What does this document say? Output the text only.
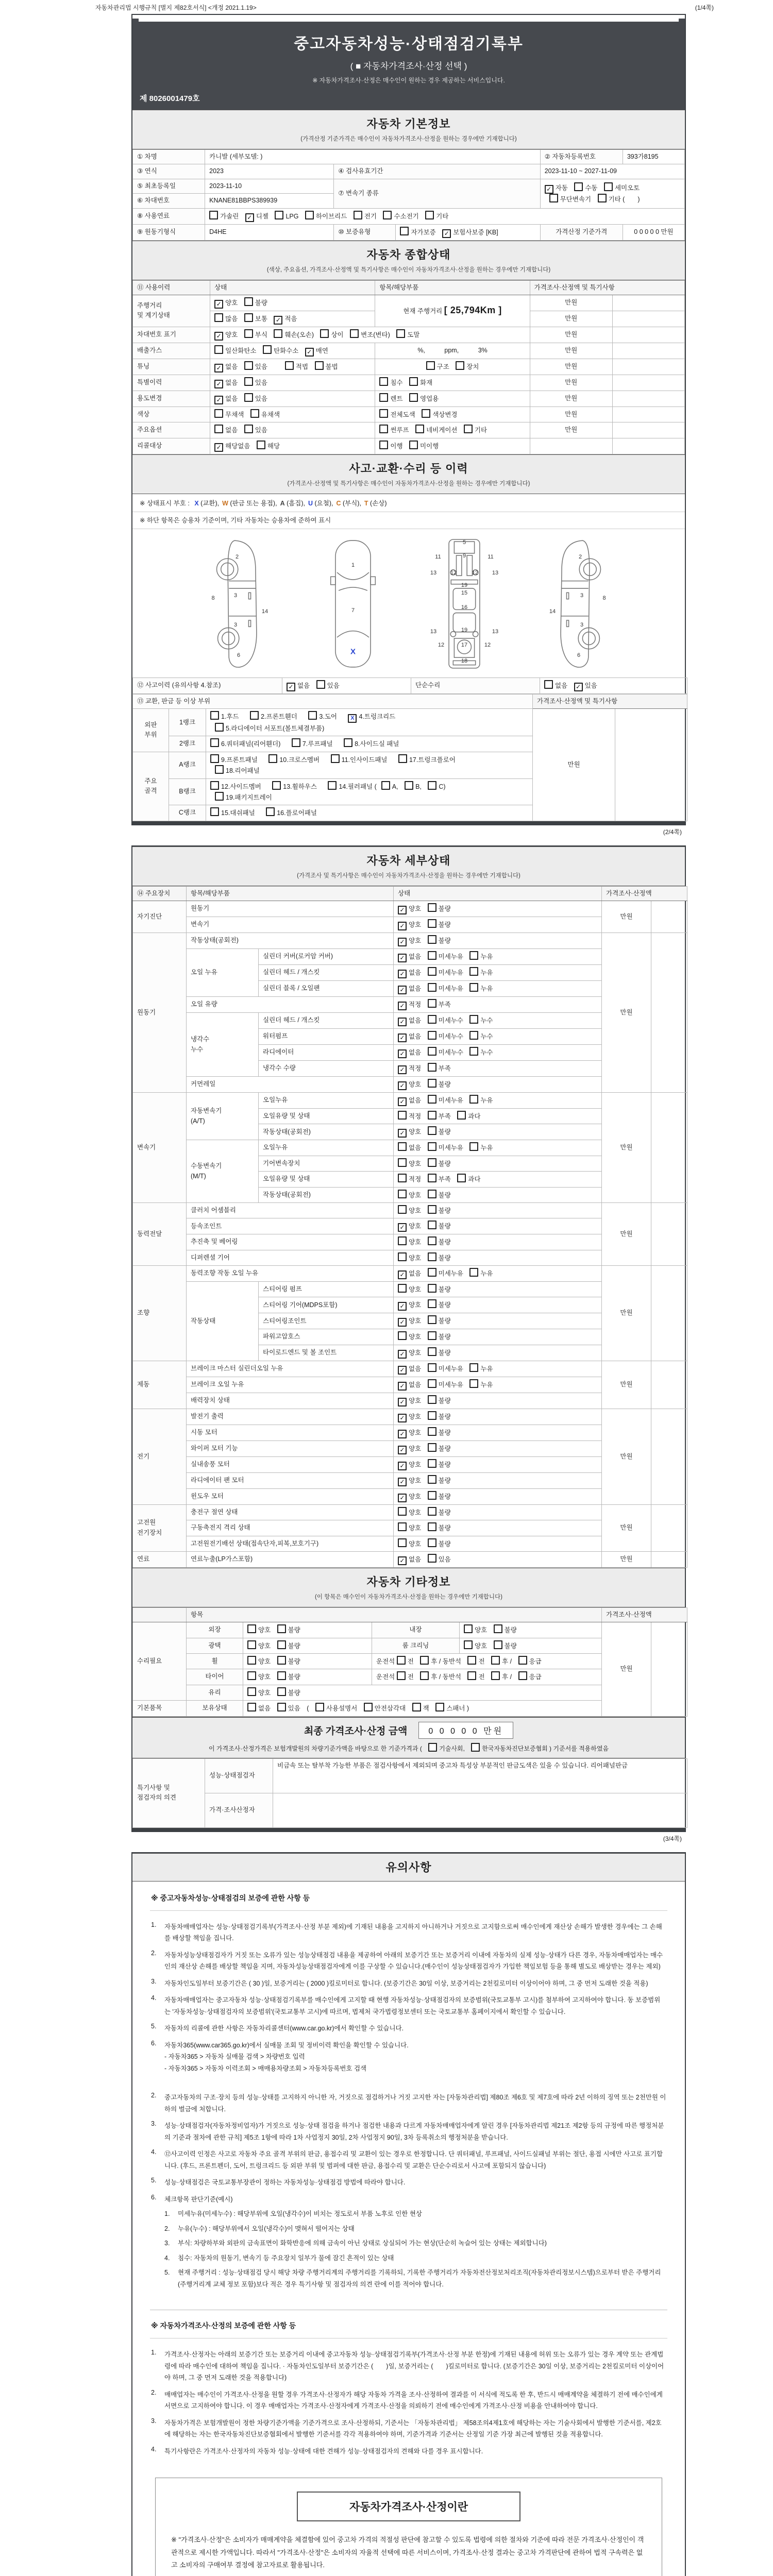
자동차관리법 시행규칙 [별지 제82호서식] <개정 2021.1.19>	(1/4쪽)
중고자동차성능·상태점검기록부
( ■ 자동차가격조사·산정 선택 )
※ 자동차가격조사·산정은 매수인이 원하는 경우 제공하는 서비스입니다.
제 8026001479호
자동차 기본정보
(가격산정 기준가격은 매수인이 자동차가격조사·산정을 원하는 경우에만 기재합니다)
① 차명	카니발 (세부모델: )			② 자동차등록번호	393가8195
③ 연식	2023	④ 검사유효기간		2023-11-10 ~ 2027-11-09	
⑤ 최초등록일	2023-11-10	⑦ 변속기 종류		✓ 자동 수동 세미오토
무단변속기 기타 (　　)	
⑥ 차대번호	KNANE81BBPS389939				
⑧ 사용연료	가솔린 ✓ 디젤 LPG 하이브리드 전기 수소전기 기타				
⑨ 원동기형식	D4HE	⑩ 보증유형	자가보증 ✓ 보험사보증 [KB]	가격산정 기준가격	0 0 0 0 0 만원
자동차 종합상태
(색상, 주요옵션, 가격조사·산정액 및 특기사항은 매수인이 자동차가격조사·산정을 원하는 경우에만 기재합니다)
⑪ 사용이력	상태	항목/해당부품	가격조사·산정액 및 특기사항	
주행거리
및 계기상태	✓ 양호 불량	현재 주행거리 [ 25,794Km ]	만원	
	많음 보통 ✓ 적음		만원	
차대번호 표기	✓ 양호 부식 훼손(오손) 상이 변조(변타) 도말		만원	
배출가스	일산화탄소 탄화수소 ✓ 매연	%,　　　ppm,　　　3%	만원	
튜닝	✓ 없음 있음　　적법 불법	구조 장치	만원	
특별이력	✓ 없음 있음	침수 화재	만원	
용도변경	✓ 없음 있음	렌트 영업용	만원	
색상	무채색 유채색	전체도색 색상변경	만원	
주요옵션	없음 있음	썬루프 네비게이션 기타	만원	
리콜대상	✓ 해당없음 해당	이행 미이행		
사고·교환·수리 등 이력
(가격조사·산정액 및 특기사항은 매수인이 자동차가격조사·산정을 원하는 경우에만 기재합니다)
※ 상태표시 부호 : X (교환), W (판금 또는 용접), A (흠집), U (요철), C (부식), T (손상)
※ 하단 항목은 승용차 기준이며, 기타 자동차는 승용차에 준하여 표시
2
8	3
14
3
6
1
7
X
5
11	9	11
13 12	12 13
19
15
16
13	19	13
12	17	12
18
2
3	8
14
3
6
⑫ 사고이력 (유의사항 4.참조)	✓ 없음 있음	단순수리	없음 ✓ 있음
⑬ 교환, 판금 등 이상 부위			가격조사·산정액 및 특기사항	
외판
부위	1랭크	1.후드　2.프론트휀더　3.도어　X 4.트렁크리드
5.라디에이터 서포트(볼트체결부품)	만원	
	2랭크	6.쿼터패널(리어휀더)　7.루프패널　8.사이드실 패널		
주요
골격	A랭크	9.프론트패널　10.크로스멤버　11.인사이드패널　17.트렁크플로어
18.리어패널		
	B랭크	12.사이드멤버　13.휠하우스　14.필러패널 ( A, B, C)
19.패키지트레이		
	C랭크	15.대쉬패널　16.플로어패널		
(2/4쪽)
자동차 세부상태
(가격조사 및 특기사항은 매수인이 자동차가격조사·산정을 원하는 경우에만 기재합니다)
⑭ 주요장치	항목/해당부품		상태	가격조사·산정액	
자기진단	원동기		✓ 양호 불량	만원	
	변속기		✓ 양호 불량		
원동기	작동상태(공회전)		✓ 양호 불량	만원	
	오일 누유	실린더 커버(로커암 커버)	✓ 없음 미세누유 누유		
		실린더 헤드 / 개스킷	✓ 없음 미세누유 누유		
		실린더 블록 / 오일팬	✓ 없음 미세누유 누유		
	오일 유량		✓ 적정 부족		
	냉각수
누수	실린더 헤드 / 개스킷	✓ 없음 미세누수 누수		
		워터펌프	✓ 없음 미세누수 누수		
		라디에이터	✓ 없음 미세누수 누수		
		냉각수 수량	✓ 적정 부족		
	커먼레일		✓ 양호 불량		
변속기	자동변속기
(A/T)	오일누유	✓ 없음 미세누유 누유	만원	
		오일유량 및 상태	적정 부족 과다		
		작동상태(공회전)	✓ 양호 불량		
	수동변속기
(M/T)	오일누유	없음 미세누유 누유		
		기어변속장치	양호 불량		
		오일유량 및 상태	적정 부족 과다		
		작동상태(공회전)	양호 불량		
동력전달	클러치 어셈블리		양호 불량	만원	
	등속조인트		✓ 양호 불량		
	추진축 및 베어링		양호 불량		
	디퍼렌셜 기어		양호 불량		
조향	동력조향 작동 오일 누유		✓ 없음 미세누유 누유	만원	
	작동상태	스티어링 펌프	양호 불량		
		스티어링 기어(MDPS포함)	✓ 양호 불량		
		스티어링조인트	✓ 양호 불량		
		파워고압호스	양호 불량		
		타이로드엔드 및 볼 조인트	✓ 양호 불량		
제동	브레이크 마스터 실린더오일 누유		✓ 없음 미세누유 누유	만원	
	브레이크 오일 누유		✓ 없음 미세누유 누유		
	배력장치 상태		✓ 양호 불량		
전기	발전기 출력		✓ 양호 불량	만원	
	시동 모터		✓ 양호 불량		
	와이퍼 모터 기능		✓ 양호 불량		
	실내송풍 모터		✓ 양호 불량		
	라디에이터 팬 모터		✓ 양호 불량		
	윈도우 모터		✓ 양호 불량		
고전원
전기장치	충전구 절연 상태		양호 불량	만원	
	구동축전지 격리 상태		양호 불량		
	고전원전기배선 상태(접속단자,피복,보호기구)		양호 불량		
연료	연료누출(LP가스포함)		✓ 없음 있음	만원	
자동차 기타정보
(이 항목은 매수인이 자동차가격조사·산정을 원하는 경우에만 기재합니다)
	항목				가격조사·산정액	
수리필요	외장	양호 불량	내장	양호 불량	만원	
	광택	양호 불량	룸 크리닝	양호 불량		
	휠	양호 불량	운전석 전 후 / 동반석 전 후 / 응급			
	타이어	양호 불량	운전석 전 후 / 동반석 전 후 / 응급			
	유리	양호 불량				
기본품목	보유상태	없음 있음　( 사용설명서 안전삼각대 잭 스패너 )				
최종 가격조사·산정 금액	0 0 0 0 0 만원
이 가격조사·산정가격은 보험개발원의 차량기준가액을 바탕으로 한 기준가격과 (	기술사회,	한국자동차진단보증협회 ) 기준서를 적용하였음
특기사항 및
점검자의 의견	성능·상태점검자	비금속 또는 탈부착 가능한 부품은 점검사항에서 제외되며 중고차 특성상 부분적인 판금도색은 있을 수 있습니다. 리어패널판금
	가격·조사산정자	
(3/4쪽)
유의사항
※ 중고자동차성능·상태점검의 보증에 관한 사항 등
1.	자동차매매업자는 성능·상태점검기록부(가격조사·산정 부분 제외)에 기재된 내용을 고지하지 아니하거나 거짓으로 고지함으로써 매수인에게 재산상 손해가 발생한 경우에는 그 손해를 배상할 책임을 집니다.
2.	자동차성능상태점검자가 거짓 또는 오류가 있는 성능상태점검 내용을 제공하여 아래의 보증기간 또는 보증거리 이내에 자동차의 실제 성능·상태가 다른 경우, 자동차매매업자는 매수인의 재산상 손해를 배상할 책임을 지며, 자동차성능상태점검자에게 이를 구상할 수 있습니다.(매수인이 성능상태점검자가 가입한 책임보험 등을 통해 별도로 배상받는 경우는 제외)
3.	자동차인도일부터 보증기간은 ( 30 )일, 보증거리는 ( 2000 )킬로미터로 합니다. (보증기간은 30일 이상, 보증거리는 2천킬로미터 이상이어야 하며, 그 중 먼저 도래한 것을 적용)
4.	자동차매매업자는 중고자동차 성능·상태점검기록부를 매수인에게 고지할 때 현행 자동차성능·상태점검자의 보증범위(국토교통부 고시)를 첨부하여 고지하여야 합니다. 동 보증범위는 '자동차성능·상태점검자의 보증범위'(국토교통부 고시)에 따르며, 법제처 국가법령정보센터 또는 국토교통부 홈페이지에서 확인할 수 있습니다.
5.	자동차의 리콜에 관한 사항은 자동차리콜센터(www.car.go.kr)에서 확인할 수 있습니다.
6.	자동차365(www.car365.go.kr)에서 실매물 조회 및 정비이력 확인을 확인할 수 있습니다.
- 자동차365 > 자동차 실매물 검색 > 차량번호 입력
- 자동차365 > 자동차 이력조회 > 매매용차량조회 > 자동차등록번호 검색
2.	중고자동차의 구조·장치 등의 성능·상태를 고지하지 아니한 자, 거짓으로 점검하거나 거짓 고지한 자는 [자동차관리법] 제80조 제6호 및 제7호에 따라 2년 이하의 징역 또는 2천만원 이하의 벌금에 처합니다.
3.	성능·상태점검자(자동차정비업자)가 거짓으로 성능·상태 점검을 하거나 점검한 내용과 다르게 자동차매매업자에게 알린 경우 [자동차관리법 제21조 제2항 등의 규정에 따른 행정처분의 기준과 절차에 관한 규칙] 제5조 1항에 따라 1차 사업정지 30일, 2차 사업정지 90일, 3차 등록취소의 행정처분을 받습니다.
4.	⑫사고이력 인정은 사고로 자동차 주요 골격 부위의 판금, 용접수리 및 교환이 있는 경우로 한정합니다. 단 쿼터패널, 루프패널, 사이드실패널 부위는 절단, 용접 시에만 사고로 표기합니다. (후드, 프론트펜더, 도어, 트렁크리드 등 외판 부위 및 범퍼에 대한 판금, 용접수리 및 교환은 단순수리로서 사고에 포함되지 않습니다)
5.	성능·상태점검은 국토교통부장관이 정하는 자동차성능·상태점검 방법에 따라야 합니다.
6.	체크항목 판단기준(예시)
1.	미세누유(미세누수) : 해당부위에 오일(냉각수)이 비치는 정도로서 부품 노후로 인한 현상
2.	누유(누수) : 해당부위에서 오일(냉각수)이 맺혀서 떨어지는 상태
3.	부식: 차량하부와 외판의 금속표면이 화학반응에 의해 금속이 아닌 상태로 상실되어 가는 현상(단순히 녹슬어 있는 상태는 제외합니다)
4.	침수: 자동차의 원동기, 변속기 등 주요장치 일부가 물에 잠긴 흔적이 있는 상태
5.	현재 주행거리 : 성능·상태점검 당시 해당 차량 주행거리계의 주행거리를 기록하되, 기록한 주행거리가 자동차전산정보처리조직(자동차관리정보시스템)으로부터 받은 주행거리(주행거리계 교체 정보 포함)보다 적은 경우 특기사항 및 점검자의 의견 란에 이를 적어야 합니다.
※ 자동차가격조사·산정의 보증에 관한 사항 등
1.	가격조사·산정자는 아래의 보증기간 또는 보증거리 이내에 중고자동차 성능·상태점검기록부(가격조사·산정 부분 한정)에 기재된 내용에 허위 또는 오류가 있는 경우 계약 또는 관계법령에 따라 매수인에 대하여 책임을 집니다. · 자동차인도일부터 보증기간은 (　　)일, 보증거리는 (　　)킬로미터로 합니다. (보증기간은 30일 이상, 보증거리는 2천킬로미터 이상이어야 하며, 그 중 먼저 도래한 것을 적용합니다)
2.	매매업자는 매수인이 가격조사·산정을 원할 경우 가격조사·산정자가 해당 자동차 가격을 조사·산정하여 결과를 이 서식에 적도록 한 후, 반드시 매매계약을 체결하기 전에 매수인에게 서면으로 고지하여야 합니다. 이 경우 매매업자는 가격조사·산정자에게 가격조사·산정을 의뢰하기 전에 매수인에게 가격조사·산정 비용을 안내하여야 합니다.
3.	자동차가격은 보험개발원이 정한 차량기준가액을 기준가격으로 조사·산정하되, 기준서는 「자동차관리법」 제58조의4제1호에 해당하는 자는 기술사회에서 발행한 기준서를, 제2호에 해당하는 자는 한국자동차진단보증협회에서 발행한 기준서를 각각 적용하여야 하며, 기준가격과 기준서는 산정일 기준 가장 최근에 발행된 것을 적용합니다.
4.	특기사항란은 가격조사·산정자의 자동차 성능·상태에 대한 견해가 성능·상태점검자의 견해와 다를 경우 표시합니다.
자동차가격조사·산정이란
※ "가격조사·산정"은 소비자가 매매계약을 체결함에 있어 중고차 가격의 적절성 판단에 참고할 수 있도록 법령에 의한 절차와 기준에 따라 전문 가격조사·산정인이 객관적으로 제시한 가액입니다. 따라서 "가격조사·산정"은 소비자의 자율적 선택에 따른 서비스이며, 가격조사·산정 결과는 중고차 가격판단에 관하여 법적 구속력은 없고 소비자의 구매여부 결정에 참고자료로 활용됩니다.
